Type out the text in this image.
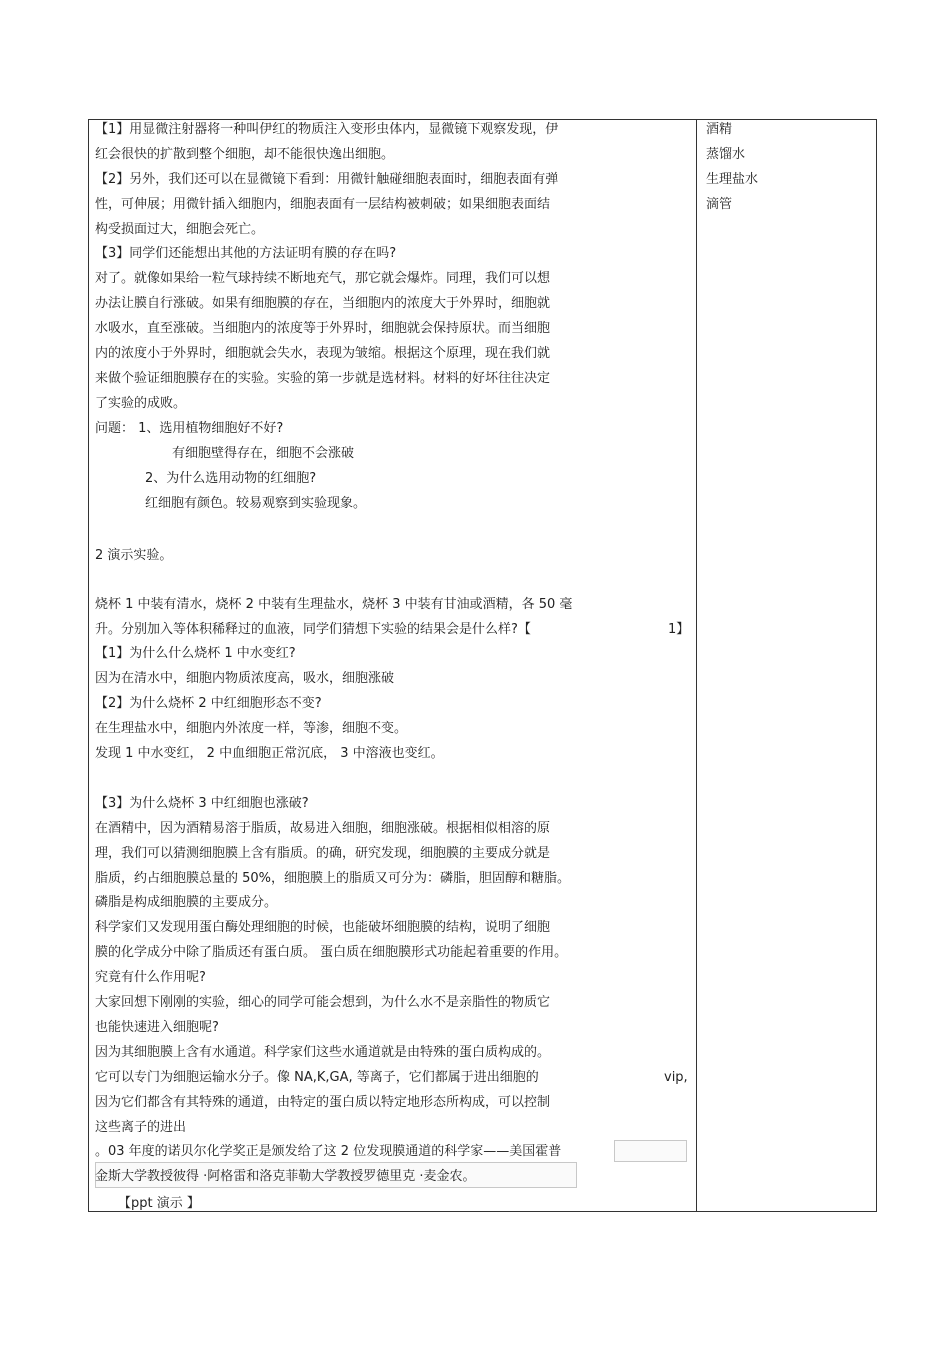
【1】用显微注射器将一种叫伊红的物质注入变形虫体内，显微镜下观察发现，伊
红会很快的扩散到整个细胞，却不能很快逸出细胞。
【2】另外，我们还可以在显微镜下看到：用微针触碰细胞表面时，细胞表面有弹
性，可伸展；用微针插入细胞内，细胞表面有一层结构被刺破；如果细胞表面结
构受损面过大，细胞会死亡。
【3】同学们还能想出其他的方法证明有膜的存在吗?
对了。就像如果给一粒气球持续不断地充气，那它就会爆炸。同理，我们可以想
办法让膜自行涨破。如果有细胞膜的存在，当细胞内的浓度大于外界时，细胞就
水吸水，直至涨破。当细胞内的浓度等于外界时，细胞就会保持原状。而当细胞
内的浓度小于外界时，细胞就会失水，表现为皱缩。根据这个原理，现在我们就
来做个验证细胞膜存在的实验。实验的第一步就是选材料。材料的好坏往往决定
了实验的成败。
问题： 1、选用植物细胞好不好?
有细胞壁得存在，细胞不会涨破
2、为什么选用动物的红细胞?
红细胞有颜色。较易观察到实验现象。
2 演示实验。
烧杯 1 中装有清水，烧杯 2 中装有生理盐水，烧杯 3 中装有甘油或酒精，各 50 毫
升。分别加入等体积稀释过的血液，同学们猜想下实验的结果会是什么样?【	1】
【1】为什么什么烧杯 1 中水变红?
因为在清水中，细胞内物质浓度高，吸水，细胞涨破
【2】为什么烧杯 2 中红细胞形态不变?
在生理盐水中，细胞内外浓度一样，等渗，细胞不变。
发现 1 中水变红， 2 中血细胞正常沉底， 3 中溶液也变红。
【3】为什么烧杯 3 中红细胞也涨破?
在酒精中，因为酒精易溶于脂质，故易进入细胞，细胞涨破。根据相似相溶的原
理，我们可以猜测细胞膜上含有脂质。的确，研究发现，细胞膜的主要成分就是
脂质，约占细胞膜总量的 50%，细胞膜上的脂质又可分为：磷脂，胆固醇和糖脂。
磷脂是构成细胞膜的主要成分。
科学家们又发现用蛋白酶处理细胞的时候，也能破坏细胞膜的结构，说明了细胞
膜的化学成分中除了脂质还有蛋白质。 蛋白质在细胞膜形式功能起着重要的作用。
究竟有什么作用呢?
大家回想下刚刚的实验，细心的同学可能会想到，为什么水不是亲脂性的物质它
也能快速进入细胞呢?
因为其细胞膜上含有水通道。科学家们这些水通道就是由特殊的蛋白质构成的。
它可以专门为细胞运输水分子。像 NA,K,GA, 等离子，它们都属于进出细胞的	vip,
因为它们都含有其特殊的通道，由特定的蛋白质以特定地形态所构成，可以控制
这些离子的进出
。03 年度的诺贝尔化学奖正是颁发给了这 2 位发现膜通道的科学家——美国霍普
金斯大学教授彼得 ·阿格雷和洛克菲勒大学教授罗德里克 ·麦金农。
【ppt 演示 】
酒精
蒸馏水
生理盐水
滴管
